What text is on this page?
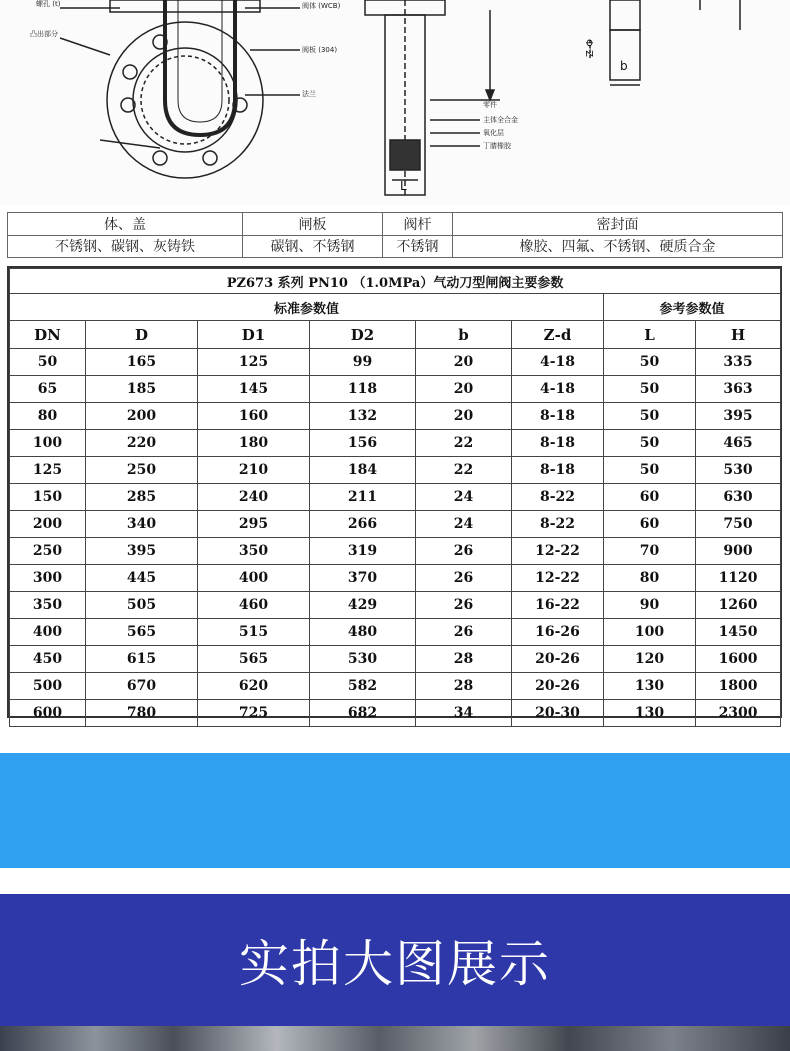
螺孔 (t)
凸出部分
阀体 (WCB)
阀板 (304)
法兰
零件
主体全合金
氧化层
丁腈橡胶
L
Z-Φ
b
体、盖	闸板	阀杆	密封面
不锈钢、碳钢、灰铸铁	碳钢、不锈钢	不锈钢	橡胶、四氟、不锈钢、硬质合金
PZ673 系列 PN10 （1.0MPa）气动刀型闸阀主要参数							
标准参数值						参考参数值	
DN	D	D1	D2	b	Z-d	L	H
50	165	125	99	20	4-18	50	335
65	185	145	118	20	4-18	50	363
80	200	160	132	20	8-18	50	395
100	220	180	156	22	8-18	50	465
125	250	210	184	22	8-18	50	530
150	285	240	211	24	8-22	60	630
200	340	295	266	24	8-22	60	750
250	395	350	319	26	12-22	70	900
300	445	400	370	26	12-22	80	1120
350	505	460	429	26	16-22	90	1260
400	565	515	480	26	16-26	100	1450
450	615	565	530	28	20-26	120	1600
500	670	620	582	28	20-26	130	1800
600	780	725	682	34	20-30	130	2300
实拍大图展示
